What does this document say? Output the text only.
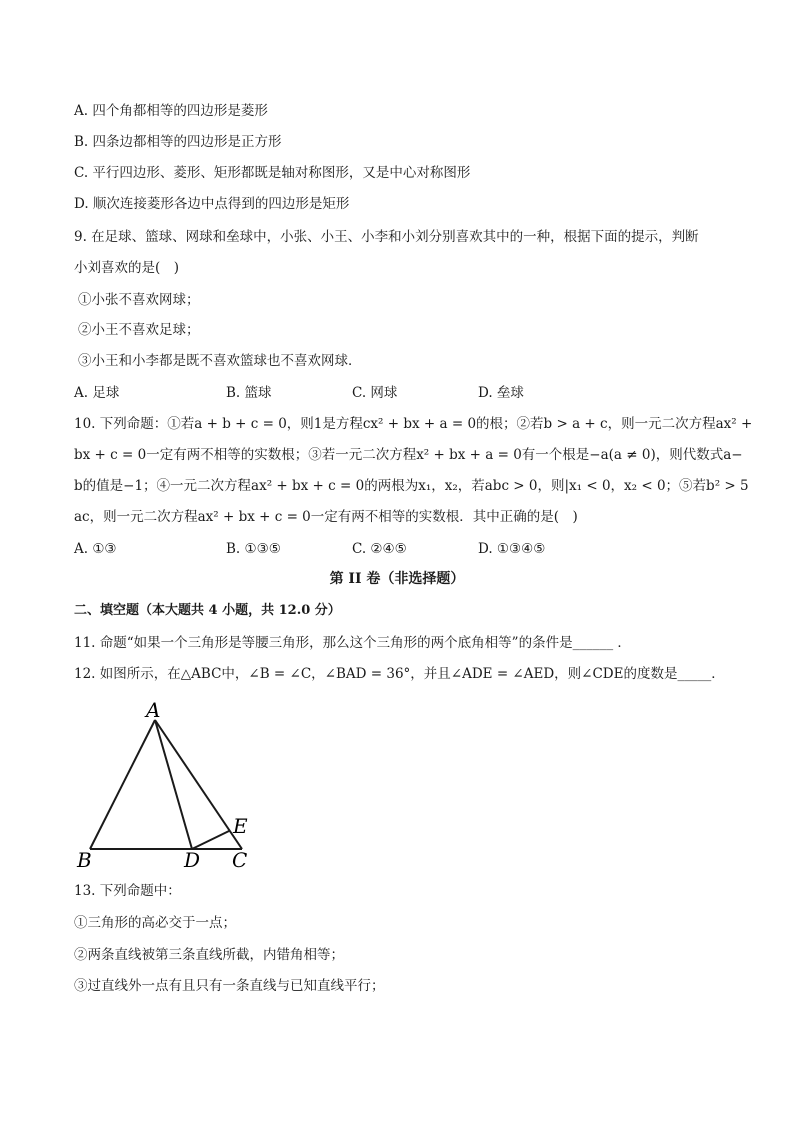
A. 四个角都相等的四边形是菱形
B. 四条边都相等的四边形是正方形
C. 平行四边形、菱形、矩形都既是轴对称图形，又是中心对称图形
D. 顺次连接菱形各边中点得到的四边形是矩形
9. 在足球、篮球、网球和垒球中，小张、小王、小李和小刘分别喜欢其中的一种，根据下面的提示，判断
小刘喜欢的是(　)
①小张不喜欢网球；
②小王不喜欢足球；
③小王和小李都是既不喜欢篮球也不喜欢网球．
A. 足球	B. 篮球	C. 网球	D. 垒球
10. 下列命题：①若a + b + c = 0，则1是方程cx² + bx + a = 0的根；②若b > a + c，则一元二次方程ax² +
bx + c = 0一定有两不相等的实数根；③若一元二次方程x² + bx + a = 0有一个根是−a(a ≠ 0)，则代数式a−
b的值是−1；④一元二次方程ax² + bx + c = 0的两根为x₁，x₂，若abc > 0，则|x₁ < 0，x₂ < 0；⑤若b² > 5
ac，则一元二次方程ax² + bx + c = 0一定有两不相等的实数根．其中正确的是(　)
A. ①③	B. ①③⑤	C. ②④⑤	D. ①③④⑤
第 II 卷（非选择题）
二、填空题（本大题共 4 小题，共 12.0 分）
11. 命题“如果一个三角形是等腰三角形，那么这个三角形的两个底角相等”的条件是______ ．
12. 如图所示，在△ABC中，∠B = ∠C，∠BAD = 36°，并且∠ADE = ∠AED，则∠CDE的度数是_____．
A
B	D C
E
13. 下列命题中：
①三角形的高必交于一点；
②两条直线被第三条直线所截，内错角相等；
③过直线外一点有且只有一条直线与已知直线平行；
